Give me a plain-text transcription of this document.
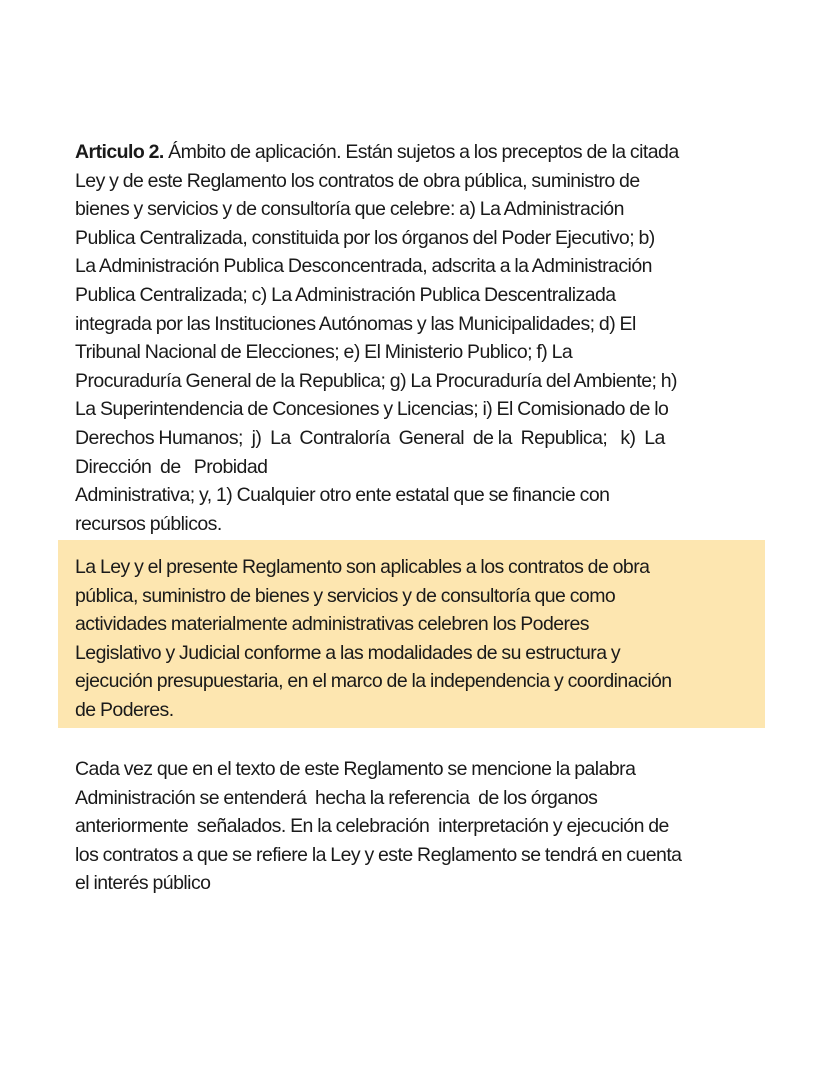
Articulo 2. Ámbito de aplicación. Están sujetos a los preceptos de la citada
Ley y de este Reglamento los contratos de obra pública, suministro de
bienes y servicios y de consultoría que celebre: a) La Administración
Publica Centralizada, constituida por los órganos del Poder Ejecutivo; b)
La Administración Publica Desconcentrada, adscrita a la Administración
Publica Centralizada; c) La Administración Publica Descentralizada
integrada por las Instituciones Autónomas y las Municipalidades; d) El
Tribunal Nacional de Elecciones; e) El Ministerio Publico; f) La
Procuraduría General de la Republica; g) La Procuraduría del Ambiente; h)
La Superintendencia de Concesiones y Licencias; i) El Comisionado de lo
Derechos Humanos;  j)  La  Contraloría  General  de la  Republica;   k)  La
Dirección  de   Probidad
Administrativa; y, 1) Cualquier otro ente estatal que se financie con
recursos públicos.
La Ley y el presente Reglamento son aplicables a los contratos de obra
pública, suministro de bienes y servicios y de consultoría que como
actividades materialmente administrativas celebren los Poderes
Legislativo y Judicial conforme a las modalidades de su estructura y
ejecución presupuestaria, en el marco de la independencia y coordinación
de Poderes.
Cada vez que en el texto de este Reglamento se mencione la palabra
Administración se entenderá  hecha la referencia  de los órganos
anteriormente  señalados. En la celebración  interpretación y ejecución de
los contratos a que se refiere la Ley y este Reglamento se tendrá en cuenta
el interés público
